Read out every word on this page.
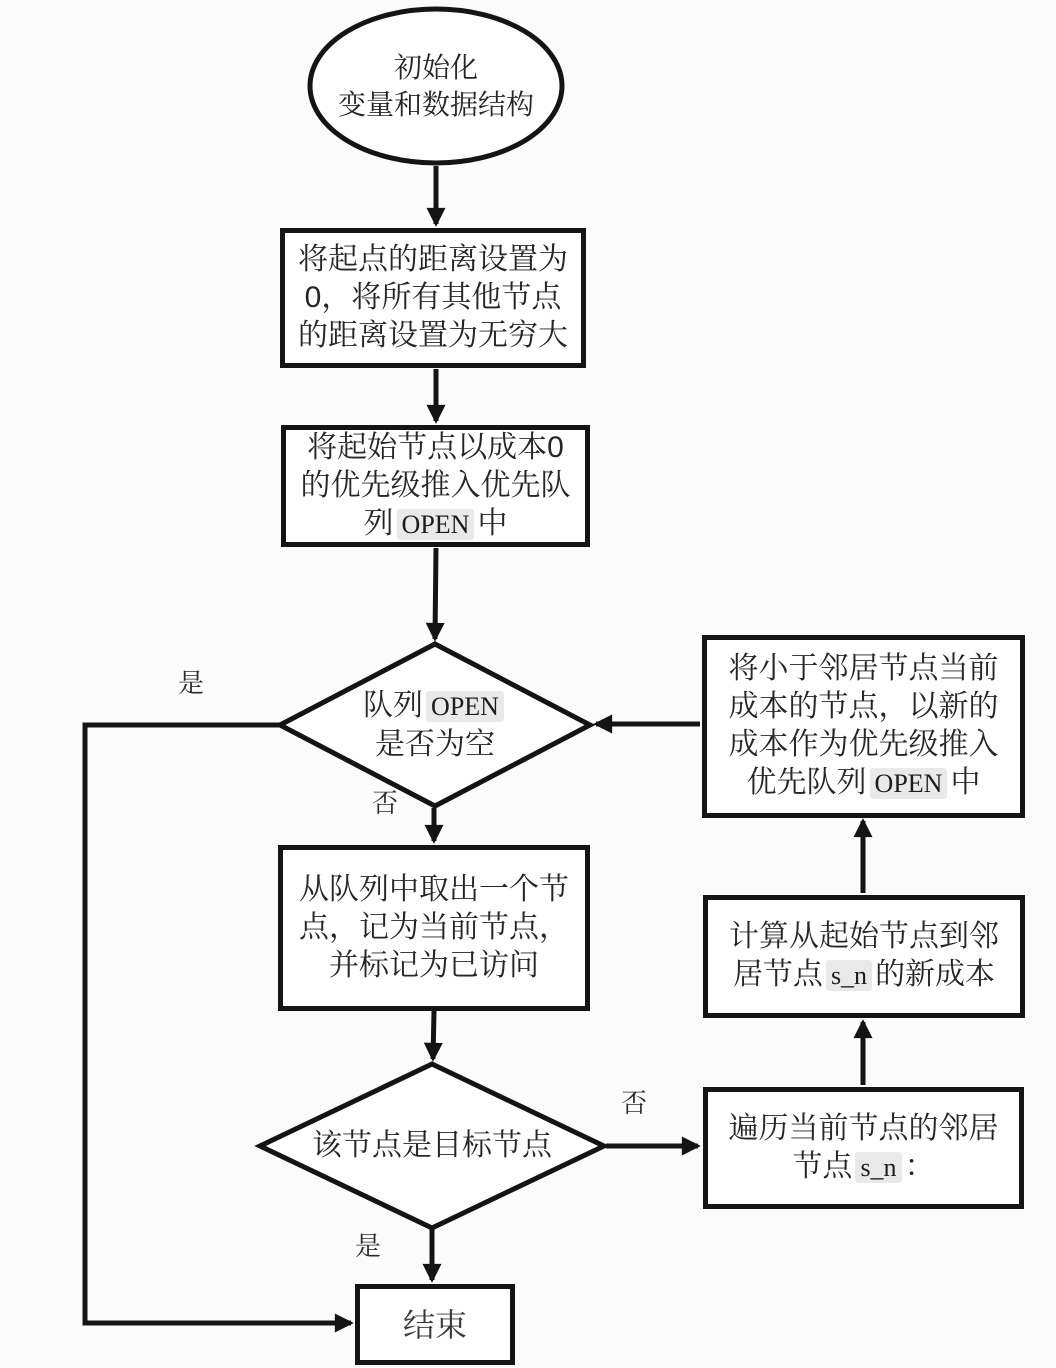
初始化
变量和数据结构
将起点的距离设置为
0，将所有其他节点
的距离设置为无穷大
将起始节点以成本0
的优先级推入优先队
列 OPEN 中
队列 OPEN
是否为空
从队列中取出一个节
点，记为当前节点，
并标记为已访问
该节点是目标节点
结束
将小于邻居节点当前
成本的节点，以新的
成本作为优先级推入
优先队列 OPEN 中
计算从起始节点到邻
居节点 s_n 的新成本
遍历当前节点的邻居
节点 s_n ：
是
否
否
是
